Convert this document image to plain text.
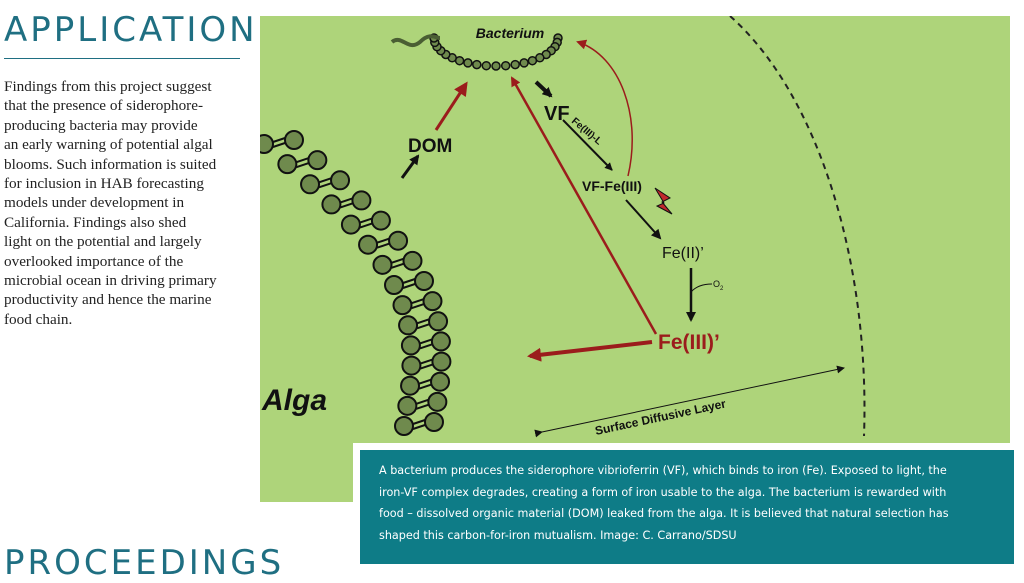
APPLICATION

Findings from this project suggest
that the presence of siderophore-
producing bacteria may provide
an early warning of potential algal
blooms. Such information is suited
for inclusion in HAB forecasting
models under development in
California. Findings also shed
light on the potential and largely
overlooked importance of the
microbial ocean in driving primary
productivity and hence the marine
food chain.

PROCEEDINGS
Bacterium
DOM
VF
Fe(III)-L
VF-Fe(III)
Fe(II)’
$O_2$
Fe(III)’
Alga	Surface Diffusive Layer

A bacterium produces the siderophore vibrioferrin (VF), which binds to iron (Fe). Exposed to light, the
iron-VF complex degrades, creating a form of iron usable to the alga. The bacterium is rewarded with
food – dissolved organic material (DOM) leaked from the alga. It is believed that natural selection has
shaped this carbon-for-iron mutualism. Image: C. Carrano/SDSU
